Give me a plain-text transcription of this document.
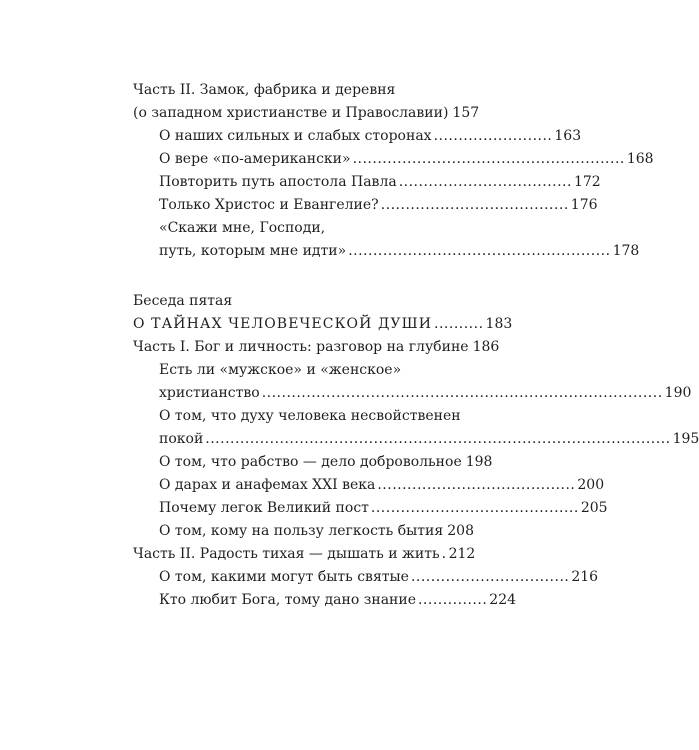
Часть II. Замок, фабрика и деревня
(о западном христианстве и Православии) 157
О наших сильных и слабых сторонах ........................ 163
О вере «по-американски» ....................................................... 168
Повторить путь апостола Павла ................................... 172
Только Христос и Евангелие? ...................................... 176
«Скажи мне, Господи,
путь, которым мне идти» ..................................................... 178
Беседа пятая
О ТАЙНАХ ЧЕЛОВЕЧЕСКОЙ ДУШИ .......... 183
Часть I. Бог и личность: разговор на глубине 186
Есть ли «мужское» и «женское»
христианство ................................................................................. 190
О том, что духу человека несвойственен
покой .............................................................................................. 195
О том, что рабство — дело добровольное 198
О дарах и анафемах XXI века ........................................ 200
Почему легок Великий пост .......................................... 205
О том, кому на пользу легкость бытия 208
Часть II. Радость тихая — дышать и жить . 212
О том, какими могут быть святые ................................ 216
Кто любит Бога, тому дано знание .............. 224
